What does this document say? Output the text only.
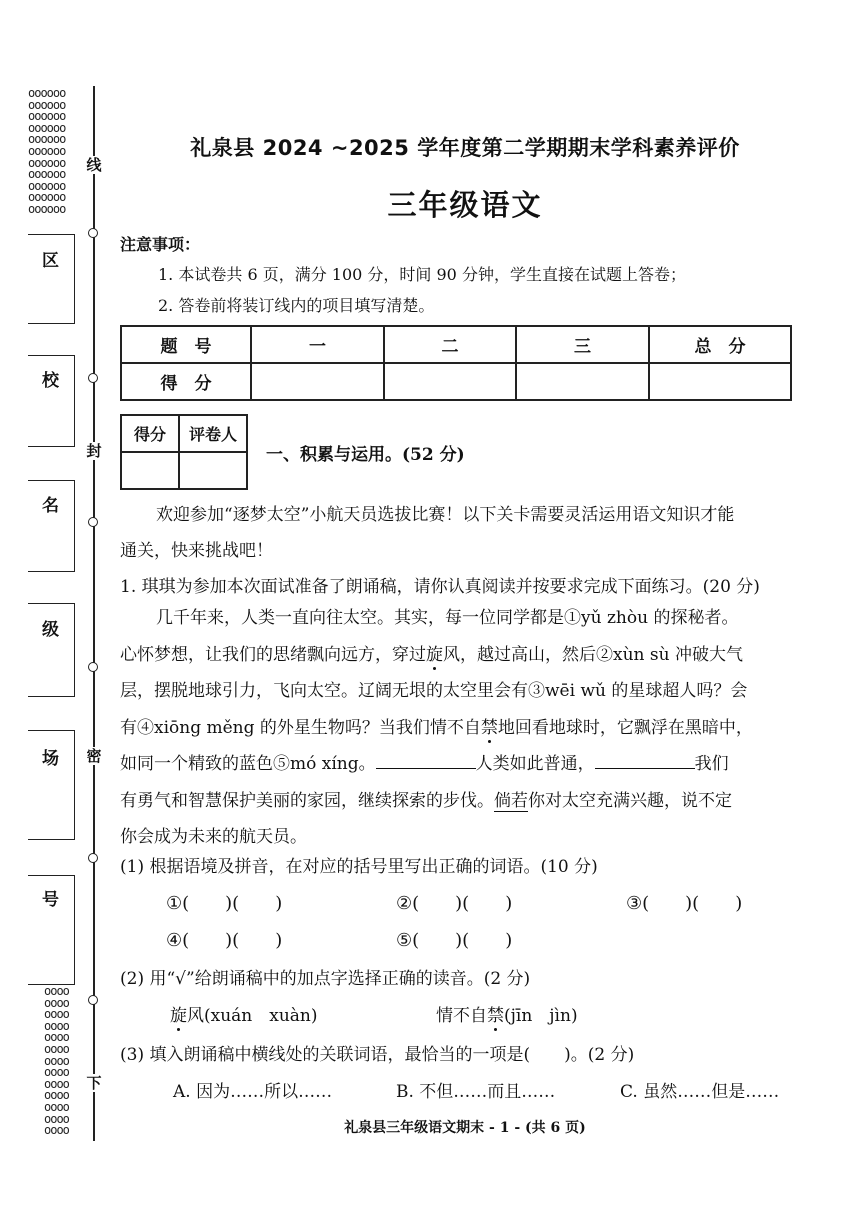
oooooo
oooooo
oooooo
oooooo
oooooo
oooooo
oooooo
oooooo
oooooo
oooooo
oooooo
oooo
oooo
oooo
oooo
oooo
oooo
oooo
oooo
oooo
oooo
oooo
oooo
oooo
线
封
密
下
区
校
名
级
场
号
礼泉县 2024 ~2025 学年度第二学期期末学科素养评价
三年级语文
注意事项：
1. 本试卷共 6 页，满分 100 分，时间 90 分钟，学生直接在试题上答卷；
2. 答卷前将装订线内的项目填写清楚。
题　号	一	二	三	总　分
得　分				
得分	评卷人

一、积累与运用。(52 分)
欢迎参加“逐梦太空”小航天员选拔比赛！以下关卡需要灵活运用语文知识才能
通关，快来挑战吧！
1. 琪琪为参加本次面试准备了朗诵稿，请你认真阅读并按要求完成下面练习。(20 分)
几千年来，人类一直向往太空。其实，每一位同学都是①yǔ zhòu 的探秘者。
心怀梦想，让我们的思绪飘向远方，穿过旋风，越过高山，然后②xùn sù 冲破大气
层，摆脱地球引力，飞向太空。辽阔无垠的太空里会有③wēi wǔ 的星球超人吗？会
有④xiōng měng 的外星生物吗？当我们情不自禁地回看地球时，它飘浮在黑暗中，
如同一个精致的蓝色⑤mó xíng。	人类如此普通，	我们
有勇气和智慧保护美丽的家园，继续探索的步伐。倘若你对太空充满兴趣，说不定
你会成为未来的航天员。
(1) 根据语境及拼音，在对应的括号里写出正确的词语。(10 分)
①(　　)(　　)	②(　　)(　　)	③(　　)(　　)
④(　　)(　　)	⑤(　　)(　　)
(2) 用“√”给朗诵稿中的加点字选择正确的读音。(2 分)
旋风(xuán　xuàn)	情不自禁(jīn　jìn)
(3) 填入朗诵稿中横线处的关联词语，最恰当的一项是(　　)。(2 分)
A. 因为……所以……	B. 不但……而且……	C. 虽然……但是……
礼泉县三年级语文期末 - 1 - (共 6 页)
